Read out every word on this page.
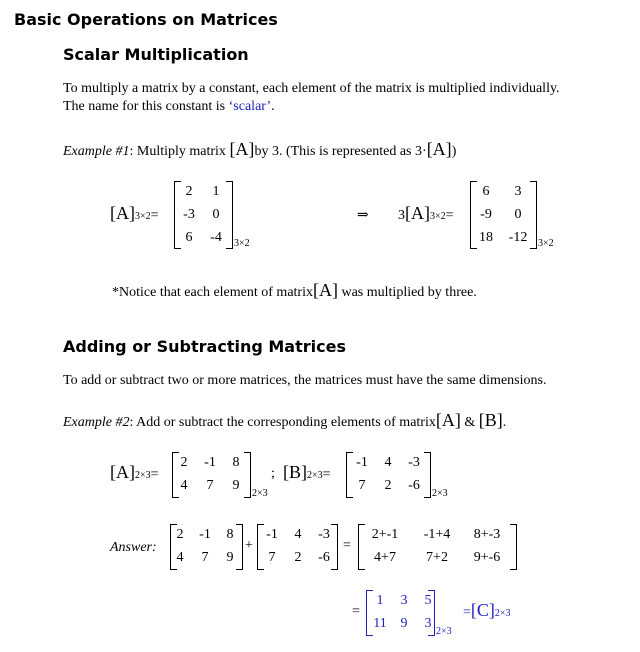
Basic Operations on Matrices
Scalar Multiplication
To multiply a matrix by a constant, each element of the matrix is multiplied individually.
The name for this constant is ‘scalar’.
Example #1: Multiply matrix [A]by 3. (This is represented as 3·[A])
[A]3×2=
2	1
-3	0
6	-4	3×2
⇒ 3[A]3×2=
6	3
-9	0
18	-12	3×2
*Notice that each element of matrix[A] was multiplied by three.
Adding or Subtracting Matrices
To add or subtract two or more matrices, the matrices must have the same dimensions.
Example #2: Add or subtract the corresponding elements of matrix[A] & [B].
[A]2×3=
2	-1	8
4	7	9
2×3
; [B]2×3=
-1	4	-3
7	2	-6
2×3
Answer:
2	-1	8
4	7	9
+
-1	4	-3
7	2	-6
=
2+-1	-1+4	8+-3
4+7	7+2	9+-6
=
1	3	5
11 9	3
2×3
=[C]2×3
